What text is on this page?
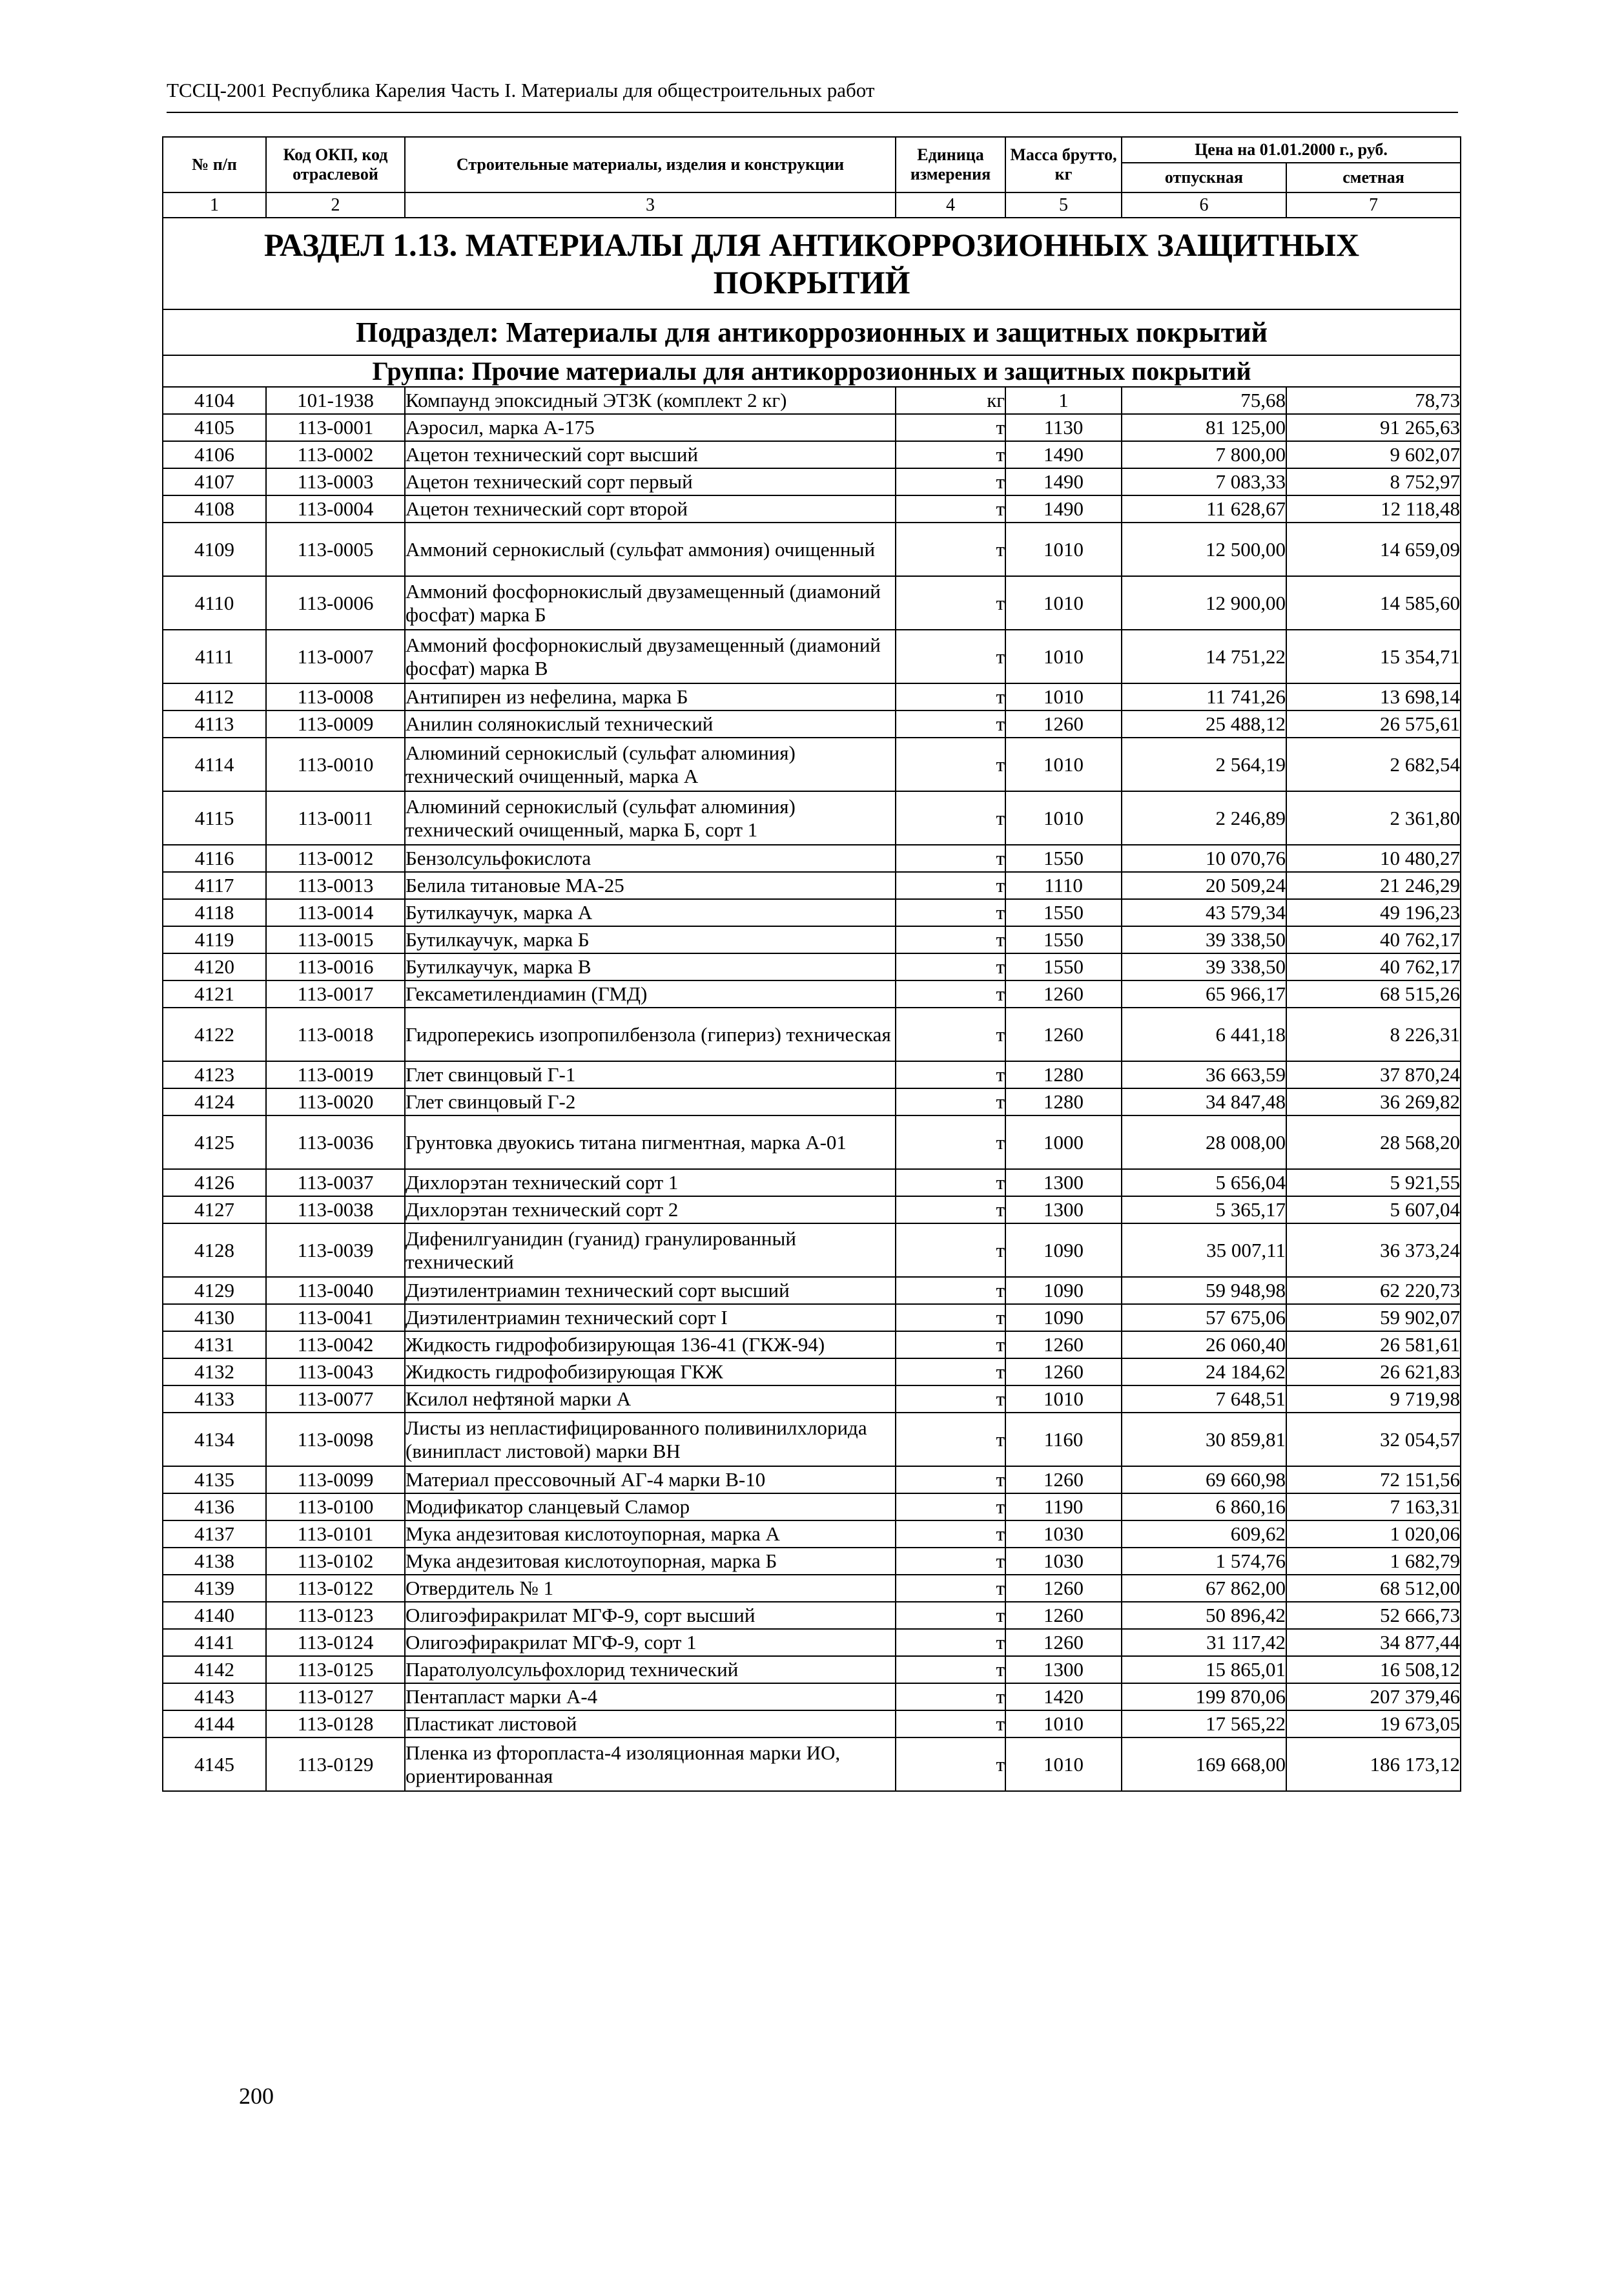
ТССЦ-2001 Республика Карелия Часть I. Материалы для общестроительных работ
№ п/п	Код ОКП, код отраслевой	Строительные материалы, изделия и конструкции	Единица измерения	Масса брутто, кг	Цена на 01.01.2000 г., руб.	
					отпускная	сметная
1	2	3	4	5	6	7
РАЗДЕЛ 1.13. МАТЕРИАЛЫ ДЛЯ АНТИКОРРОЗИОННЫХ ЗАЩИТНЫХ ПОКРЫТИЙ						
Подраздел: Материалы для антикоррозионных и защитных покрытий						
Группа: Прочие материалы для антикоррозионных и защитных покрытий						
4104	101-1938	Компаунд эпоксидный ЭТЗК (комплект 2 кг)	кг	1	75,68	78,73
4105	113-0001	Аэросил, марка А-175	т	1130	81 125,00	91 265,63
4106	113-0002	Ацетон технический сорт высший	т	1490	7 800,00	9 602,07
4107	113-0003	Ацетон технический сорт первый	т	1490	7 083,33	8 752,97
4108	113-0004	Ацетон технический сорт второй	т	1490	11 628,67	12 118,48
4109	113-0005	Аммоний сернокислый (сульфат аммония) очищенный	т	1010	12 500,00	14 659,09
4110	113-0006	Аммоний фосфорнокислый двузамещенный (диамоний фосфат) марка Б	т	1010	12 900,00	14 585,60
4111	113-0007	Аммоний фосфорнокислый двузамещенный (диамоний фосфат) марка В	т	1010	14 751,22	15 354,71
4112	113-0008	Антипирен из нефелина, марка Б	т	1010	11 741,26	13 698,14
4113	113-0009	Анилин солянокислый технический	т	1260	25 488,12	26 575,61
4114	113-0010	Алюминий сернокислый (сульфат алюминия) технический очищенный, марка А	т	1010	2 564,19	2 682,54
4115	113-0011	Алюминий сернокислый (сульфат алюминия) технический очищенный, марка Б, сорт 1	т	1010	2 246,89	2 361,80
4116	113-0012	Бензолсульфокислота	т	1550	10 070,76	10 480,27
4117	113-0013	Белила титановые МА-25	т	1110	20 509,24	21 246,29
4118	113-0014	Бутилкаучук, марка А	т	1550	43 579,34	49 196,23
4119	113-0015	Бутилкаучук, марка Б	т	1550	39 338,50	40 762,17
4120	113-0016	Бутилкаучук, марка В	т	1550	39 338,50	40 762,17
4121	113-0017	Гексаметилендиамин (ГМД)	т	1260	65 966,17	68 515,26
4122	113-0018	Гидроперекись изопропилбензола (гипериз) техническая	т	1260	6 441,18	8 226,31
4123	113-0019	Глет свинцовый Г-1	т	1280	36 663,59	37 870,24
4124	113-0020	Глет свинцовый Г-2	т	1280	34 847,48	36 269,82
4125	113-0036	Грунтовка двуокись титана пигментная, марка А-01	т	1000	28 008,00	28 568,20
4126	113-0037	Дихлорэтан технический сорт 1	т	1300	5 656,04	5 921,55
4127	113-0038	Дихлорэтан технический сорт 2	т	1300	5 365,17	5 607,04
4128	113-0039	Дифенилгуанидин (гуанид) гранулированный технический	т	1090	35 007,11	36 373,24
4129	113-0040	Диэтилентриамин технический сорт высший	т	1090	59 948,98	62 220,73
4130	113-0041	Диэтилентриамин технический сорт I	т	1090	57 675,06	59 902,07
4131	113-0042	Жидкость гидрофобизирующая 136-41 (ГКЖ-94)	т	1260	26 060,40	26 581,61
4132	113-0043	Жидкость гидрофобизирующая ГКЖ	т	1260	24 184,62	26 621,83
4133	113-0077	Ксилол нефтяной марки А	т	1010	7 648,51	9 719,98
4134	113-0098	Листы из непластифицированного поливинилхлорида (винипласт листовой) марки ВН	т	1160	30 859,81	32 054,57
4135	113-0099	Материал прессовочный АГ-4 марки В-10	т	1260	69 660,98	72 151,56
4136	113-0100	Модификатор сланцевый Сламор	т	1190	6 860,16	7 163,31
4137	113-0101	Мука андезитовая кислотоупорная, марка А	т	1030	609,62	1 020,06
4138	113-0102	Мука андезитовая кислотоупорная, марка Б	т	1030	1 574,76	1 682,79
4139	113-0122	Отвердитель № 1	т	1260	67 862,00	68 512,00
4140	113-0123	Олигоэфиракрилат МГФ-9, сорт высший	т	1260	50 896,42	52 666,73
4141	113-0124	Олигоэфиракрилат МГФ-9, сорт 1	т	1260	31 117,42	34 877,44
4142	113-0125	Паратолуолсульфохлорид технический	т	1300	15 865,01	16 508,12
4143	113-0127	Пентапласт марки А-4	т	1420	199 870,06	207 379,46
4144	113-0128	Пластикат листовой	т	1010	17 565,22	19 673,05
4145	113-0129	Пленка из фторопласта-4 изоляционная марки ИО, ориентированная	т	1010	169 668,00	186 173,12
200
